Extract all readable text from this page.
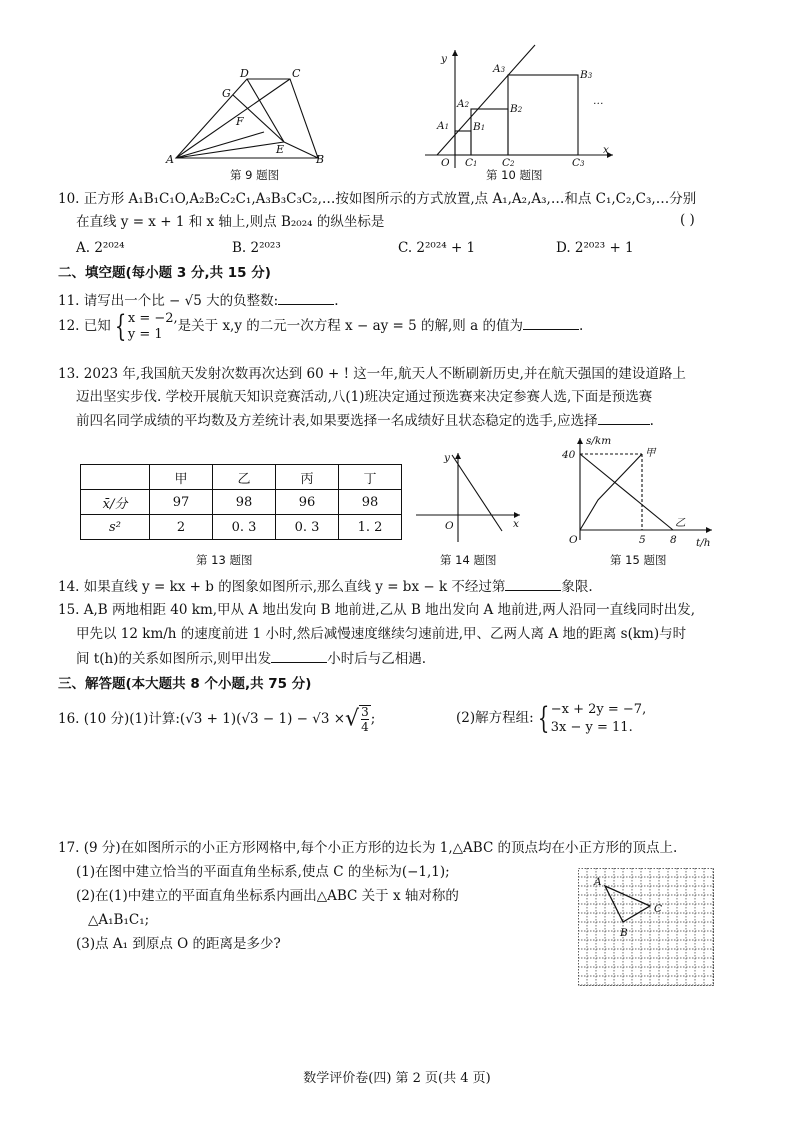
D	C
G
F
E
A	B
第 9 题图
y
x
O
A1
A2
A3
B1
B2
B3
C1 C2	C3
…
第 10 题图
10. 正方形 A₁B₁C₁O,A₂B₂C₂C₁,A₃B₃C₃C₂,…按如图所示的方式放置,点 A₁,A₂,A₃,…和点 C₁,C₂,C₃,…分别
在直线 y = x + 1 和 x 轴上,则点 B₂₀₂₄ 的纵坐标是	( )
A. 2²⁰²⁴	B. 2²⁰²³	C. 2²⁰²⁴ + 1	D. 2²⁰²³ + 1
二、填空题(每小题 3 分,共 15 分)
11. 请写出一个比 − √5 大的负整数:	.
12. 已知 { x = −2,
y = 1 是关于 x,y 的二元一次方程 x − ay = 5 的解,则 a 的值为	.
13. 2023 年,我国航天发射次数再次达到 60 + ! 这一年,航天人不断刷新历史,并在航天强国的建设道路上
迈出坚实步伐. 学校开展航天知识竞赛活动,八(1)班决定通过预选赛来决定参赛人选,下面是预选赛
前四名同学成绩的平均数及方差统计表,如果要选择一名成绩好且状态稳定的选手,应选择	.
	甲	乙	丙	丁
x̄/分	97	98	96	98
s²	2	0. 3	0. 3	1. 2
第 13 题图
y
x
O
第 14 题图
s/km
t/h
O
40
5 8
甲
乙
第 15 题图
14. 如果直线 y = kx + b 的图象如图所示,那么直线 y = bx − k 不经过第	象限.
15. A,B 两地相距 40 km,甲从 A 地出发向 B 地前进,乙从 B 地出发向 A 地前进,两人沿同一直线同时出发,
甲先以 12 km/h 的速度前进 1 小时,然后减慢速度继续匀速前进,甲、乙两人离 A 地的距离 s(km)与时
间 t(h)的关系如图所示,则甲出发	小时后与乙相遇.
三、解答题(本大题共 8 个小题,共 75 分)
16. (10 分)(1)计算:(√3 + $1)(√3 - 1) - √3 \times√\frac{3}{4}$;	(2)解方程组: { −x + 2y = −7,
3x − y = 11.
17. (9 分)在如图所示的小正方形网格中,每个小正方形的边长为 1,△ABC 的顶点均在小正方形的顶点上.
(1)在图中建立恰当的平面直角坐标系,使点 C 的坐标为(−1,1);
(2)在(1)中建立的平面直角坐标系内画出△ABC 关于 x 轴对称的
△A₁B₁C₁;
(3)点 A₁ 到原点 O 的距离是多少?
A
B
C
数学评价卷(四) 第 2 页(共 4 页)
